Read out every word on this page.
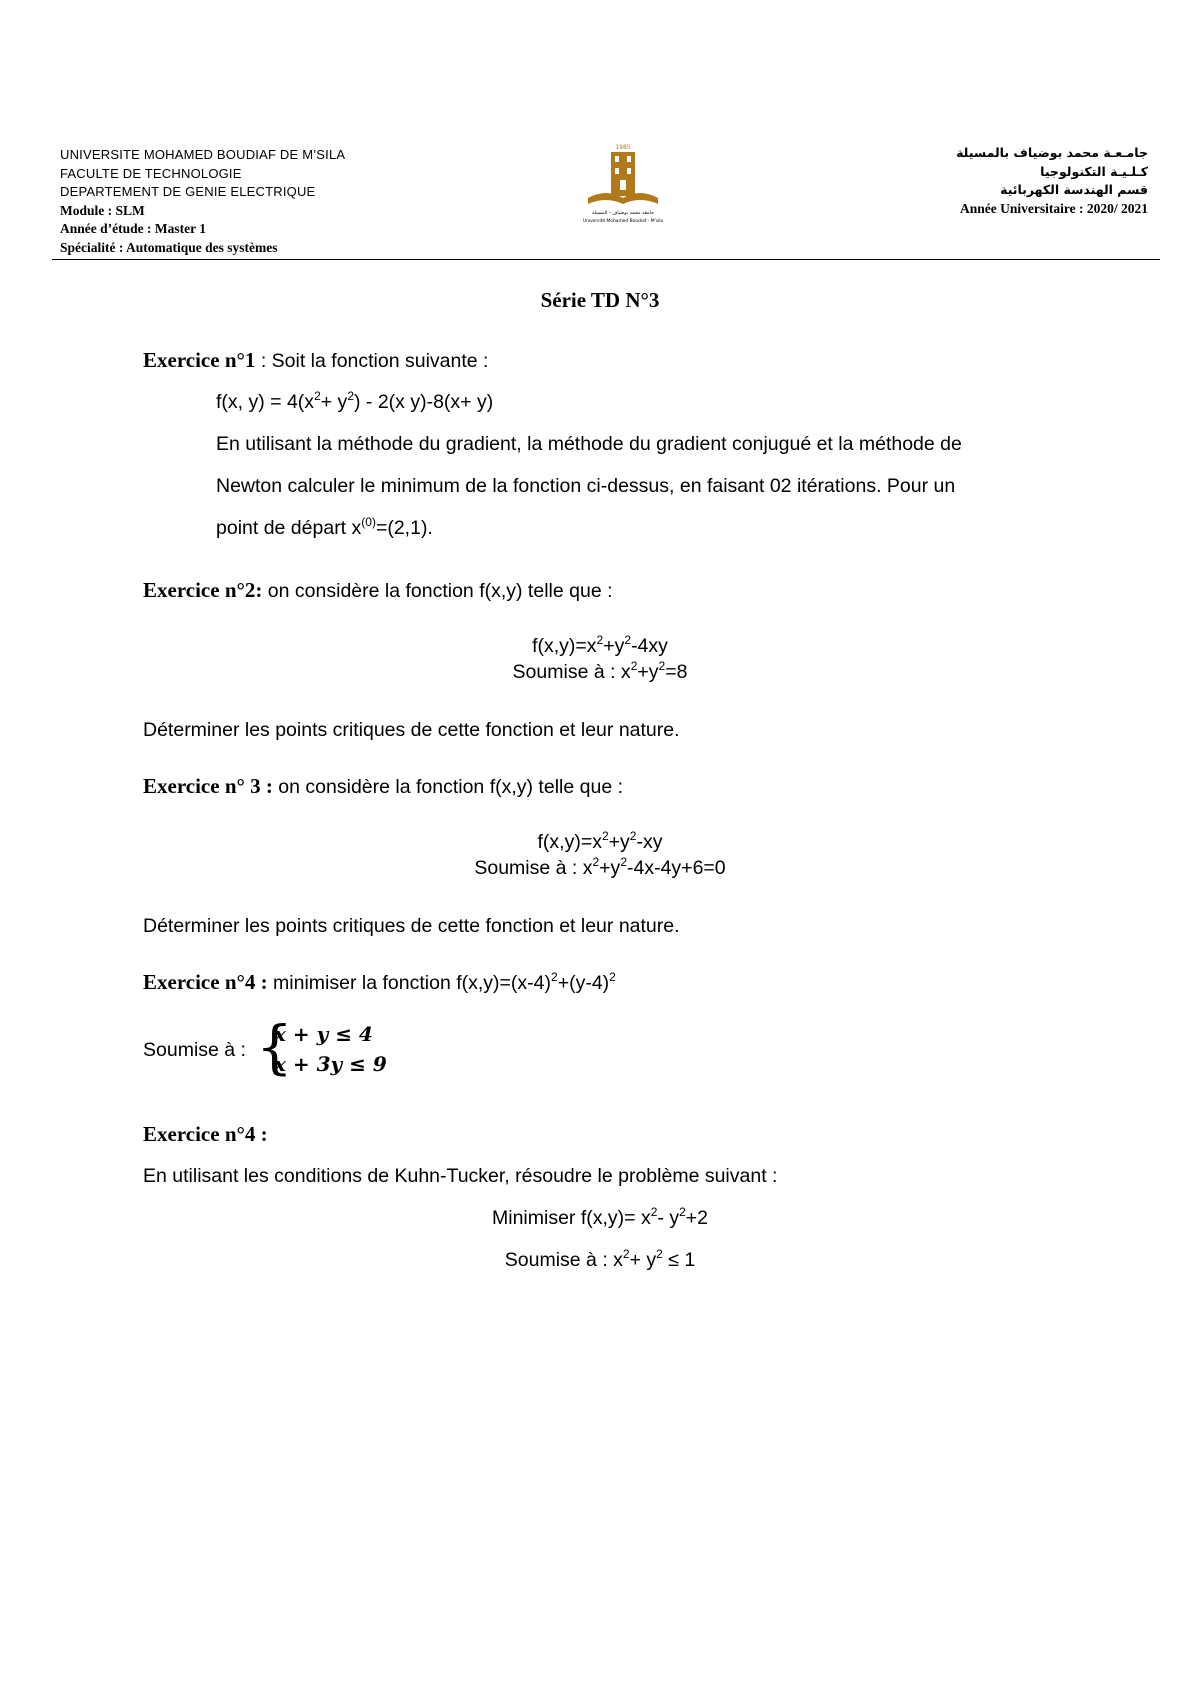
UNIVERSITE MOHAMED BOUDIAF DE M’SILA
FACULTE DE TECHNOLOGIE
DEPARTEMENT DE GENIE ELECTRIQUE
Module : SLM
Année d’étude : Master 1
Spécialité : Automatique des systèmes
1985
جامعة محمد بوضياف - المسيلة
Université Mohamed Boudiaf - M'sila
جامـعـة محمد بوضياف بالمسيلة
كـلـيـة التكنولوجيا
قسم الهندسة الكهربائية
Année Universitaire : 2020/ 2021
Série TD N°3
Exercice n°1 : Soit la fonction suivante :
f(x, $y) = 4(x^2+ y^2) - 2(x$ y)-8(x+ y)
En utilisant la méthode du gradient, la méthode du gradient conjugué et la méthode de
Newton calculer le minimum de la fonction ci-dessus, en faisant 02 itérations. Pour un
point de départ $x^{(0)}=(2,1)$.
Exercice n°2: on considère la fonction f(x,y) telle que :
$f(x,y)=x^2+y^2-4xy$
Soumise à : $x^2+y^2=8$
Déterminer les points critiques de cette fonction et leur nature.
Exercice n° 3 : on considère la fonction f(x,y) telle que :
$f(x,y)=x^2+y^2-xy$
Soumise à : $x^2+y^2-4x-4y+6=0$
Déterminer les points critiques de cette fonction et leur nature.
Exercice n°4 : minimiser la fonction $f(x,y)=(x-4)^2+(y-4)^2$
Soumise à : {
x + y ≤ 4
x + 3y ≤ 9
Exercice n°4 :
En utilisant les conditions de Kuhn-Tucker, résoudre le problème suivant :
Minimiser $f(x,y)= x^2-$ $y^2+2$
Soumise à : $x^2+ y^2 \le 1$
